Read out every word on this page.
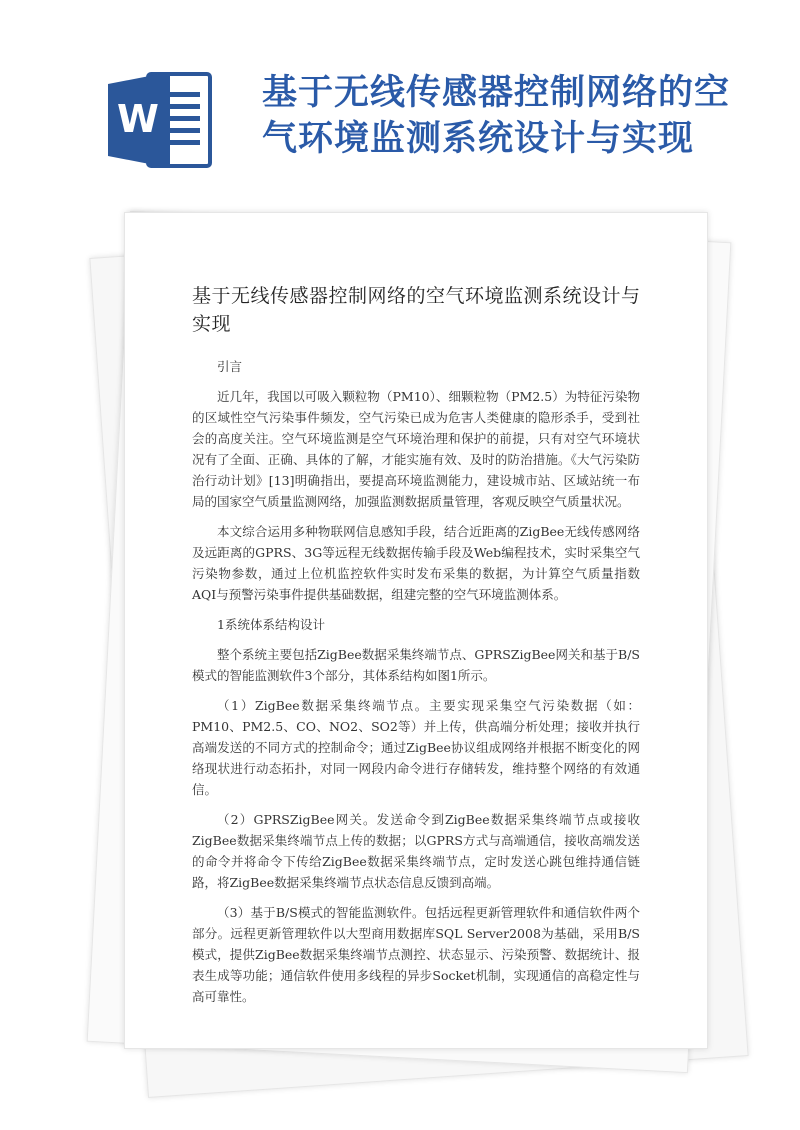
W
基于无线传感器控制网络的空气环境监测系统设计与实现
基于无线传感器控制网络的空气环境监测系统设计与实现

引言

近几年，我国以可吸入颗粒物（PM10）、细颗粒物（PM2.5）为特征污染物的区域性空气污染事件频发，空气污染已成为危害人类健康的隐形杀手，受到社会的高度关注。空气环境监测是空气环境治理和保护的前提，只有对空气环境状况有了全面、正确、具体的了解，才能实施有效、及时的防治措施。《大气污染防治行动计划》[13]明确指出，要提高环境监测能力，建设城市站、区域站统一布局的国家空气质量监测网络，加强监测数据质量管理，客观反映空气质量状况。

本文综合运用多种物联网信息感知手段，结合近距离的ZigBee无线传感网络及远距离的GPRS、3G等远程无线数据传输手段及Web编程技术，实时采集空气污染物参数，通过上位机监控软件实时发布采集的数据，为计算空气质量指数AQI与预警污染事件提供基础数据，组建完整的空气环境监测体系。

1系统体系结构设计

整个系统主要包括ZigBee数据采集终端节点、GPRSZigBee网关和基于B/S模式的智能监测软件3个部分，其体系结构如图1所示。

（1）ZigBee数据采集终端节点。主要实现采集空气污染数据（如：PM10、PM2.5、CO、NO2、SO2等）并上传，供高端分析处理；接收并执行高端发送的不同方式的控制命令；通过ZigBee协议组成网络并根据不断变化的网络现状进行动态拓扑，对同一网段内命令进行存储转发，维持整个网络的有效通信。

（2）GPRSZigBee网关。发送命令到ZigBee数据采集终端节点或接收ZigBee数据采集终端节点上传的数据；以GPRS方式与高端通信，接收高端发送的命令并将命令下传给ZigBee数据采集终端节点，定时发送心跳包维持通信链路，将ZigBee数据采集终端节点状态信息反馈到高端。

（3）基于B/S模式的智能监测软件。包括远程更新管理软件和通信软件两个部分。远程更新管理软件以大型商用数据库SQL Server2008为基础，采用B/S模式，提供ZigBee数据采集终端节点测控、状态显示、污染预警、数据统计、报表生成等功能；通信软件使用多线程的异步Socket机制，实现通信的高稳定性与高可靠性。
